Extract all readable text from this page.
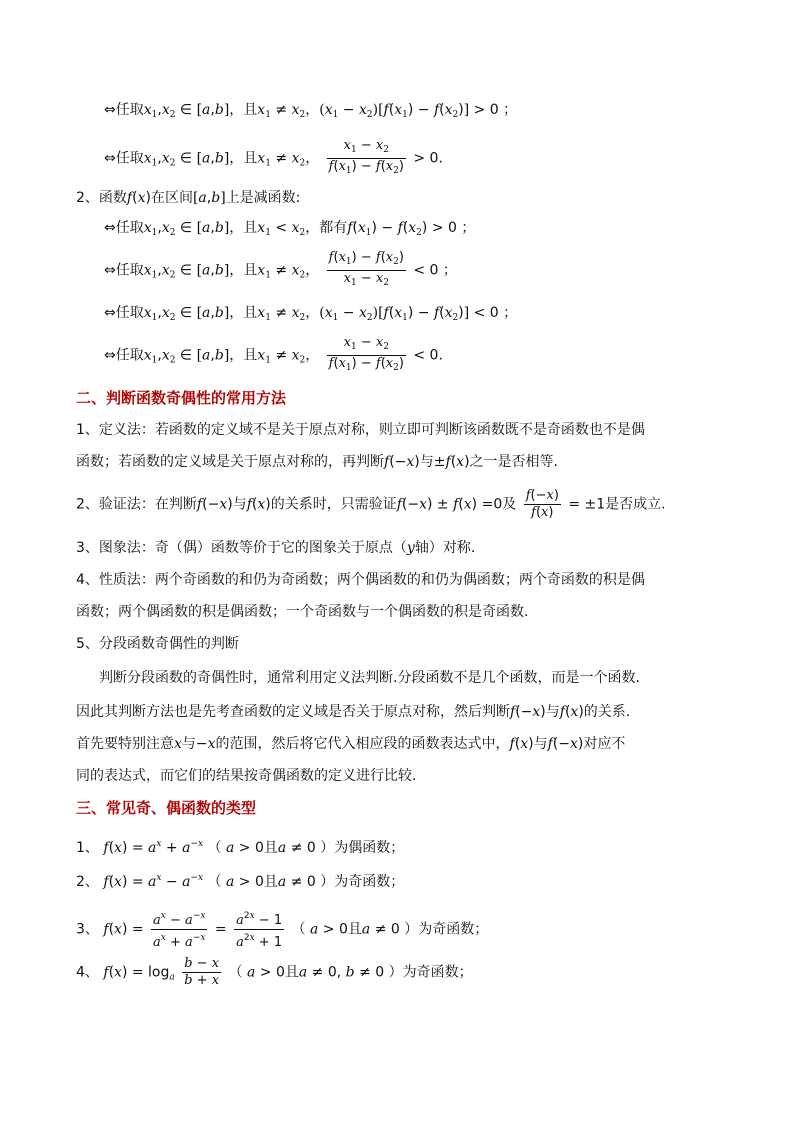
⇔任取$x_1,x_2$ ∈ [a,b]，且$x_1 \ne x_2$，$(x_1 - x_2)[f(x_1) - f(x_2)] > 0$ ；
⇔任取$x_1,x_2$ ∈ [a,b]，且$x_1 \ne x_2$， $\frac{x_1 - x_2}{f(x_1) - f(x_2)} > 0$.
2、函数f(x)在区间[a,b]上是减函数:
⇔任取$x_1,x_2$ ∈ [a,b]，且$x_1 < x_2$，都有$f(x_1) - f(x_2) > 0$ ；
⇔任取$x_1,x_2$ ∈ [a,b]，且$x_1 \ne x_2$， $\frac{f(x_1) - f(x_2)}{x_1 - x_2} < 0$ ；
⇔任取$x_1,x_2$ ∈ [a,b]，且$x_1 \ne x_2$，$(x_1 - x_2)[f(x_1) - f(x_2)] < 0$ ；
⇔任取$x_1,x_2$ ∈ [a,b]，且$x_1 \ne x_2$， $\frac{x_1 - x_2}{f(x_1) - f(x_2)} < 0$.
二、判断函数奇偶性的常用方法
1、定义法：若函数的定义域不是关于原点对称，则立即可判断该函数既不是奇函数也不是偶
函数；若函数的定义域是关于原点对称的，再判断f(−x)与±f(x)之一是否相等.
2、验证法：在判断f(−x)与f(x)的关系时，只需验证f(−x) ± f(x) =0及 $\frac{f(-x)}{f(x)} = \pm 1$是否成立.
3、图象法：奇（偶）函数等价于它的图象关于原点（y轴）对称.
4、性质法：两个奇函数的和仍为奇函数；两个偶函数的和仍为偶函数；两个奇函数的积是偶
函数；两个偶函数的积是偶函数；一个奇函数与一个偶函数的积是奇函数.
5、分段函数奇偶性的判断
判断分段函数的奇偶性时，通常利用定义法判断.分段函数不是几个函数，而是一个函数.
因此其判断方法也是先考查函数的定义域是否关于原点对称，然后判断f(−x)与f(x)的关系.
首先要特别注意x与−x的范围，然后将它代入相应段的函数表达式中，f(x)与f(−x)对应不
同的表达式，而它们的结果按奇偶函数的定义进行比较.
三、常见奇、偶函数的类型
1、 $f(x) = a^x + a^{-x}$ （ a > 0且a ≠ 0 ）为偶函数；
2、 $f(x) = a^x - a^{-x}$ （ a > 0且a ≠ 0 ）为奇函数；
3、 $f(x) = \frac{a^x - a^{-x}}{a^x + a^{-x}} = \frac{a^{2x} - 1}{a^{2x} + 1}$ （ a > 0且a ≠ 0 ）为奇函数；
4、 $f(x) = \log_a \frac{b - x}{b + x}$ （ a > 0且a ≠ 0, b ≠ 0 ）为奇函数；
